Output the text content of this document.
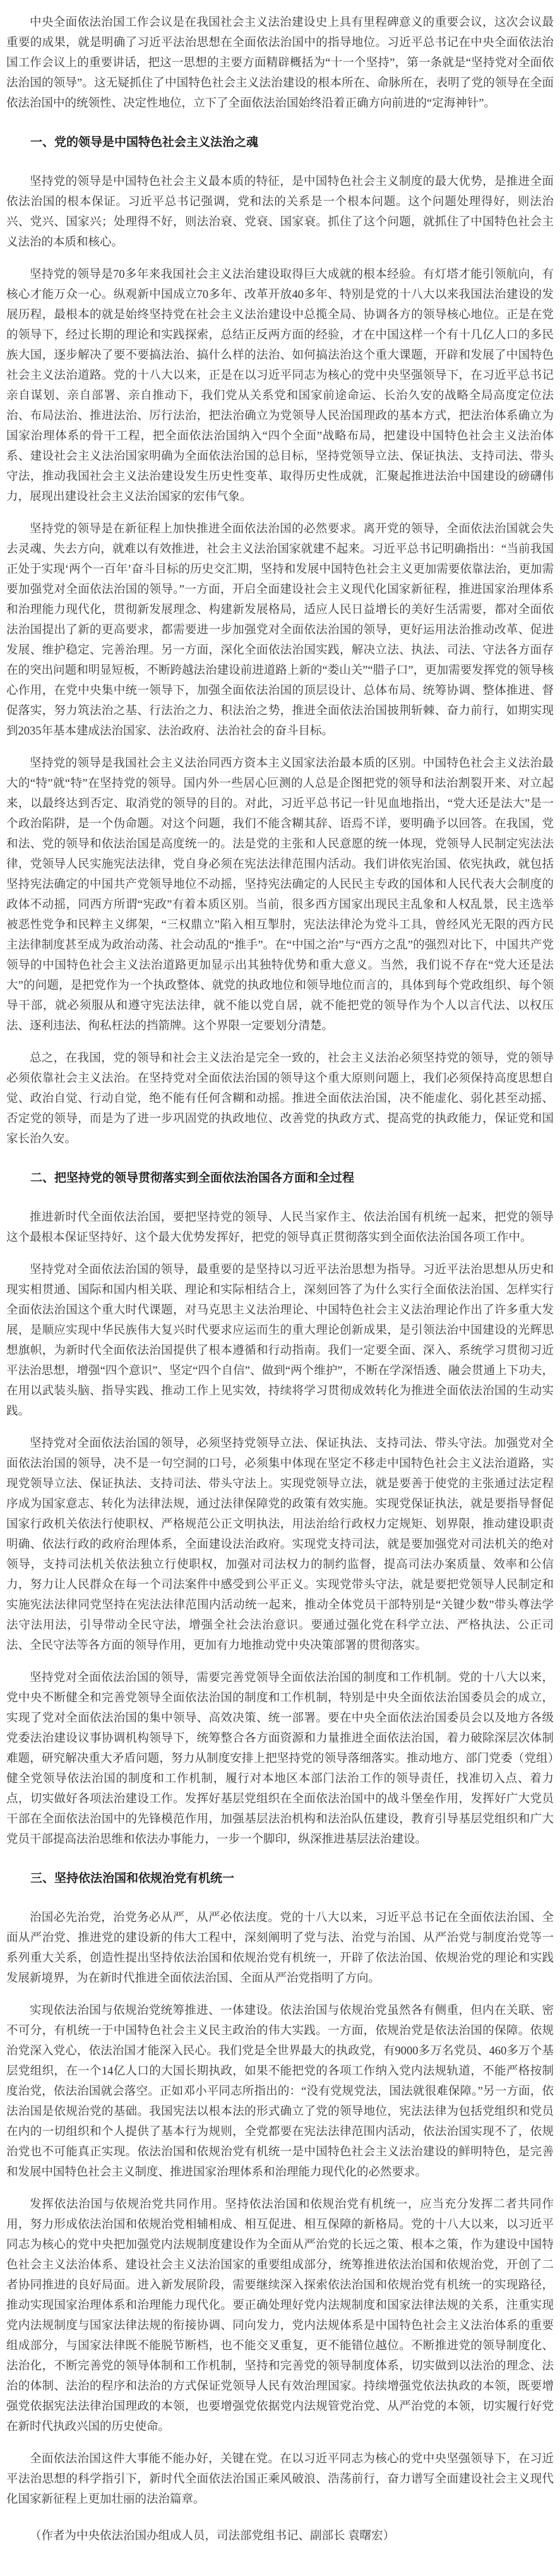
中央全面依法治国工作会议是在我国社会主义法治建设史上具有里程碑意义的重要会议，这次会议最重要的成果，就是明确了习近平法治思想在全面依法治国中的指导地位。习近平总书记在中央全面依法治国工作会议上的重要讲话，把这一思想的主要方面精辟概括为“十一个坚持”，第一条就是“坚持党对全面依法治国的领导”。这无疑抓住了中国特色社会主义法治建设的根本所在、命脉所在，表明了党的领导在全面依法治国中的统领性、决定性地位，立下了全面依法治国始终沿着正确方向前进的“定海神针”。

一、党的领导是中国特色社会主义法治之魂

坚持党的领导是中国特色社会主义最本质的特征，是中国特色社会主义制度的最大优势，是推进全面依法治国的根本保证。习近平总书记强调，党和法的关系是一个根本问题。这个问题处理得好，则法治兴、党兴、国家兴；处理得不好，则法治衰、党衰、国家衰。抓住了这个问题，就抓住了中国特色社会主义法治的本质和核心。

坚持党的领导是70多年来我国社会主义法治建设取得巨大成就的根本经验。有灯塔才能引领航向，有核心才能万众一心。纵观新中国成立70多年、改革开放40多年、特别是党的十八大以来我国法治建设的发展历程，最根本的就是始终坚持党在社会主义法治建设中总揽全局、协调各方的领导核心地位。正是在党的领导下，经过长期的理论和实践探索，总结正反两方面的经验，才在中国这样一个有十几亿人口的多民族大国，逐步解决了要不要搞法治、搞什么样的法治、如何搞法治这个重大课题，开辟和发展了中国特色社会主义法治道路。党的十八大以来，正是在以习近平同志为核心的党中央坚强领导下，在习近平总书记亲自谋划、亲自部署、亲自推动下，我们党从关系党和国家前途命运、长治久安的战略全局高度定位法治、布局法治、推进法治、厉行法治，把法治确立为党领导人民治国理政的基本方式，把法治体系确立为国家治理体系的骨干工程，把全面依法治国纳入“四个全面”战略布局，把建设中国特色社会主义法治体系、建设社会主义法治国家明确为全面依法治国的总目标，坚持党领导立法、保证执法、支持司法、带头守法，推动我国社会主义法治建设发生历史性变革、取得历史性成就，汇聚起推进法治中国建设的磅礴伟力，展现出建设社会主义法治国家的宏伟气象。

坚持党的领导是在新征程上加快推进全面依法治国的必然要求。离开党的领导，全面依法治国就会失去灵魂、失去方向，就难以有效推进，社会主义法治国家就建不起来。习近平总书记明确指出：“当前我国正处于实现‘两个一百年’奋斗目标的历史交汇期，坚持和发展中国特色社会主义更加需要依靠法治，更加需要加强党对全面依法治国的领导。”一方面，开启全面建设社会主义现代化国家新征程，推进国家治理体系和治理能力现代化，贯彻新发展理念、构建新发展格局，适应人民日益增长的美好生活需要，都对全面依法治国提出了新的更高要求，都需要进一步加强党对全面依法治国的领导，更好运用法治推动改革、促进发展、维护稳定、完善治理。另一方面，深化全面依法治国实践，解决立法、执法、司法、守法各方面存在的突出问题和明显短板，不断跨越法治建设前进道路上新的“娄山关”“腊子口”，更加需要发挥党的领导核心作用，在党中央集中统一领导下，加强全面依法治国的顶层设计、总体布局、统筹协调、整体推进、督促落实，努力筑法治之基、行法治之力、积法治之势，推进全面依法治国披荆斩棘、奋力前行，如期实现到2035年基本建成法治国家、法治政府、法治社会的奋斗目标。

坚持党的领导是我国社会主义法治同西方资本主义国家法治最本质的区别。中国特色社会主义法治最大的“特”就“特”在坚持党的领导。国内外一些居心叵测的人总是企图把党的领导和法治割裂开来、对立起来，以最终达到否定、取消党的领导的目的。对此，习近平总书记一针见血地指出，“党大还是法大”是一个政治陷阱，是一个伪命题。对这个问题，我们不能含糊其辞、语焉不详，要明确予以回答。在我国，党和法、党的领导和依法治国是高度统一的。法是党的主张和人民意愿的统一体现，党领导人民制定宪法法律，党领导人民实施宪法法律，党自身必须在宪法法律范围内活动。我们讲依宪治国、依宪执政，就包括坚持宪法确定的中国共产党领导地位不动摇，坚持宪法确定的人民民主专政的国体和人民代表大会制度的政体不动摇，同西方所谓“宪政”有着本质区别。当前，很多西方国家出现民主乱象和人权乱景，民主选举被恶性党争和民粹主义绑架，“三权鼎立”陷入相互掣肘，宪法法律沦为党斗工具，曾经风光无限的西方民主法律制度甚至成为政治动荡、社会动乱的“推手”。在“中国之治”与“西方之乱”的强烈对比下，中国共产党领导的中国特色社会主义法治道路更加显示出其独特优势和重大意义。当然，我们说不存在“党大还是法大”的问题，是把党作为一个执政整体、就党的执政地位和领导地位而言的，具体到每个党政组织、每个领导干部，就必须服从和遵守宪法法律，就不能以党自居，就不能把党的领导作为个人以言代法、以权压法、逐利违法、徇私枉法的挡箭牌。这个界限一定要划分清楚。

总之，在我国，党的领导和社会主义法治是完全一致的，社会主义法治必须坚持党的领导，党的领导必须依靠社会主义法治。在坚持党对全面依法治国的领导这个重大原则问题上，我们必须保持高度思想自觉、政治自觉、行动自觉，绝不能有任何含糊和动摇。推进全面依法治国，决不能虚化、弱化甚至动摇、否定党的领导，而是为了进一步巩固党的执政地位、改善党的执政方式、提高党的执政能力，保证党和国家长治久安。

二、把坚持党的领导贯彻落实到全面依法治国各方面和全过程

推进新时代全面依法治国，要把坚持党的领导、人民当家作主、依法治国有机统一起来，把党的领导这个最根本保证坚持好、这个最大优势发挥好，把党的领导真正贯彻落实到全面依法治国各项工作中。

坚持党对全面依法治国的领导，最重要的是坚持以习近平法治思想为指导。习近平法治思想从历史和现实相贯通、国际和国内相关联、理论和实际相结合上，深刻回答了为什么实行全面依法治国、怎样实行全面依法治国这个重大时代课题，对马克思主义法治理论、中国特色社会主义法治理论作出了许多重大发展，是顺应实现中华民族伟大复兴时代要求应运而生的重大理论创新成果，是引领法治中国建设的光辉思想旗帜，为新时代全面依法治国提供了根本遵循和行动指南。我们一定要全面、深入、系统学习贯彻习近平法治思想，增强“四个意识”、坚定“四个自信”、做到“两个维护”，不断在学深悟透、融会贯通上下功夫，在用以武装头脑、指导实践、推动工作上见实效，持续将学习贯彻成效转化为推进全面依法治国的生动实践。

坚持党对全面依法治国的领导，必须坚持党领导立法、保证执法、支持司法、带头守法。加强党对全面依法治国的领导，决不是一句空洞的口号，必须集中体现在坚定不移走中国特色社会主义法治道路，实现党领导立法、保证执法、支持司法、带头守法上。实现党领导立法，就是要善于使党的主张通过法定程序成为国家意志、转化为法律法规，通过法律保障党的政策有效实施。实现党保证执法，就是要指导督促国家行政机关依法行使职权、严格规范公正文明执法，用法治给行政权力定规矩、划界限，推动建设职责明确、依法行政的政府治理体系，全面建设法治政府。实现党支持司法，就是要加强党对司法机关的绝对领导，支持司法机关依法独立行使职权，加强对司法权力的制约监督，提高司法办案质量、效率和公信力，努力让人民群众在每一个司法案件中感受到公平正义。实现党带头守法，就是要把党领导人民制定和实施宪法法律同党坚持在宪法法律范围内活动统一起来，推动全体党员干部特别是“关键少数”带头尊法学法守法用法，引导带动全民守法，增强全社会法治意识。要通过强化党在科学立法、严格执法、公正司法、全民守法等各方面的领导作用，更加有力地推动党中央决策部署的贯彻落实。

坚持党对全面依法治国的领导，需要完善党领导全面依法治国的制度和工作机制。党的十八大以来，党中央不断健全和完善党领导全面依法治国的制度和工作机制，特别是中央全面依法治国委员会的成立，实现了党对全面依法治国的集中领导、高效决策、统一部署。要在中央全面依法治国委员会以及地方各级党委法治建设议事协调机构领导下，统筹整合各方面资源和力量推进全面依法治国，着力破除深层次体制难题，研究解决重大矛盾问题，努力从制度安排上把坚持党的领导落细落实。推动地方、部门党委（党组）健全党领导依法治国的制度和工作机制，履行对本地区本部门法治工作的领导责任，找准切入点、着力点，切实做好各项法治建设工作。发挥好基层党组织在全面依法治国中的战斗堡垒作用，发挥好广大党员干部在全面依法治国中的先锋模范作用，加强基层法治机构和法治队伍建设，教育引导基层党组织和广大党员干部提高法治思维和依法办事能力，一步一个脚印，纵深推进基层法治建设。

三、坚持依法治国和依规治党有机统一

治国必先治党，治党务必从严，从严必依法度。党的十八大以来，习近平总书记在全面依法治国、全面从严治党、推进党的建设新的伟大工程中，深刻阐明了党与法、治党与治国、从严治党与制度治党等一系列重大关系，创造性提出坚持依法治国和依规治党有机统一，开辟了依法治国、依规治党的理论和实践发展新境界，为在新时代推进全面依法治国、全面从严治党指明了方向。

实现依法治国与依规治党统筹推进、一体建设。依法治国与依规治党虽然各有侧重，但内在关联、密不可分，有机统一于中国特色社会主义民主政治的伟大实践。一方面，依规治党是依法治国的保障。依规治党深入党心，依法治国才能深入民心。我们党是全世界最大的执政党，有9000多万名党员、460多万个基层党组织，在一个14亿人口的大国长期执政，如果不能把党的各项工作纳入党内法规轨道，不能严格按制度治党，依法治国就会落空。正如邓小平同志所指出的：“没有党规党法，国法就很难保障。”另一方面，依法治国是依规治党的基础。我国宪法以根本法的形式确立了党的领导地位，宪法法律为包括党组织和党员在内的一切组织和个人提供了基本行为规则，全党都要在宪法法律范围内活动，依法治国实现不了，依规治党也不可能真正实现。依法治国和依规治党有机统一是中国特色社会主义法治建设的鲜明特色，是完善和发展中国特色社会主义制度、推进国家治理体系和治理能力现代化的必然要求。

发挥依法治国与依规治党共同作用。坚持依法治国和依规治党有机统一，应当充分发挥二者共同作用，努力形成依法治国和依规治党相辅相成、相互促进、相互保障的新格局。党的十八大以来，以习近平同志为核心的党中央把加强党内法规制度建设作为全面从严治党的长远之策、根本之策，作为建设中国特色社会主义法治体系、建设社会主义法治国家的重要组成部分，统筹推进依法治国和依规治党，开创了二者协同推进的良好局面。进入新发展阶段，需要继续深入探索依法治国和依规治党有机统一的实现路径，推动实现国家治理体系和治理能力现代化。要正确处理好党内法规制度和国家法律法规的关系，注重实现党内法规制度与国家法律法规的衔接协调、同向发力，党内法规体系是中国特色社会主义法治体系的重要组成部分，与国家法律既不能脱节断档，也不能交叉重复，更不能错位越位。不断推进党的领导制度化、法治化，不断完善党的领导体制和工作机制，坚持和完善党的领导制度体系，切实做到以法治的理念、法治的体制、法治的程序和法治的方式保证党领导人民有效治理国家。持续增强党依法执政的本领，既要增强党依据宪法法律治国理政的本领，也要增强党依据党内法规管党治党、从严治党的本领，切实履行好党在新时代执政兴国的历史使命。

全面依法治国这件大事能不能办好，关键在党。在以习近平同志为核心的党中央坚强领导下，在习近平法治思想的科学指引下，新时代全面依法治国正乘风破浪、浩荡前行，奋力谱写全面建设社会主义现代化国家新征程上更加壮丽的法治篇章。

（作者为中央依法治国办组成人员，司法部党组书记、副部长 袁曙宏）
